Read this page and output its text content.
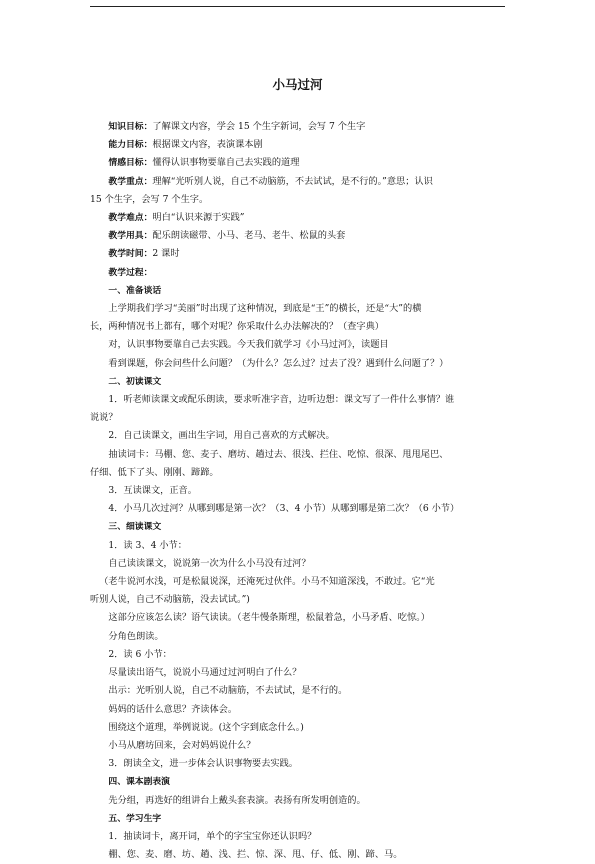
小马过河
知识目标：了解课文内容，学会 15 个生字新词，会写 7 个生字
能力目标：根据课文内容，表演课本剧
情感目标：懂得认识事物要靠自己去实践的道理
教学重点：理解“光听别人说，自己不动脑筋，不去试试，是不行的。”意思；认识
15 个生字，会写 7 个生字。
教学难点：明白“认识来源于实践”
教学用具：配乐朗读磁带、小马、老马、老牛、松鼠的头套
教学时间：2 课时
教学过程：
一、准备谈话
上学期我们学习“美丽”时出现了这种情况，到底是“王”的横长，还是“大”的横
长，两种情况书上都有，哪个对呢？你采取什么办法解决的？（查字典）
对，认识事物要靠自己去实践。今天我们就学习《小马过河》，读题目
看到课题，你会问些什么问题？（为什么？怎么过？过去了没？遇到什么问题了？）
二、初读课文
1．听老师读课文或配乐朗读，要求听准字音，边听边想：课文写了一件什么事情？谁
说说？
2．自己读课文，画出生字词，用自己喜欢的方式解决。
抽读词卡：马棚、您、麦子、磨坊、趟过去、很浅、拦住、吃惊、很深、甩甩尾巴、
仔细、低下了头、刚刚、蹄蹄。
3．互读课文，正音。
4．小马几次过河？从哪到哪是第一次？（3、4 小节）从哪到哪是第二次？（6 小节）
三、细读课文
1．读 3、4 小节：
自己读读课文，说说第一次为什么小马没有过河？
（老牛说河水浅，可是松鼠说深，还淹死过伙伴。小马不知道深浅，不敢过。它“光
听别人说，自己不动脑筋，没去试试。”)
这部分应该怎么读？语气读读。（老牛慢条斯理，松鼠着急，小马矛盾、吃惊。）
分角色朗读。
2．读 6 小节：
尽量读出语气，说说小马通过过河明白了什么？
出示：光听别人说，自己不动脑筋，不去试试，是不行的。
妈妈的话什么意思？齐读体会。
围绕这个道理，举例说说。(这个字到底念什么。)
小马从磨坊回来，会对妈妈说什么？
3．朗读全文，进一步体会认识事物要去实践。
四、课本剧表演
先分组，再选好的组讲台上戴头套表演。表扬有所发明创造的。
五、学习生字
1．抽读词卡，离开词，单个的字宝宝你还认识吗？
棚、您、麦、磨、坊、趟、浅、拦、惊、深、甩、仔、低、刚、蹄、马。
